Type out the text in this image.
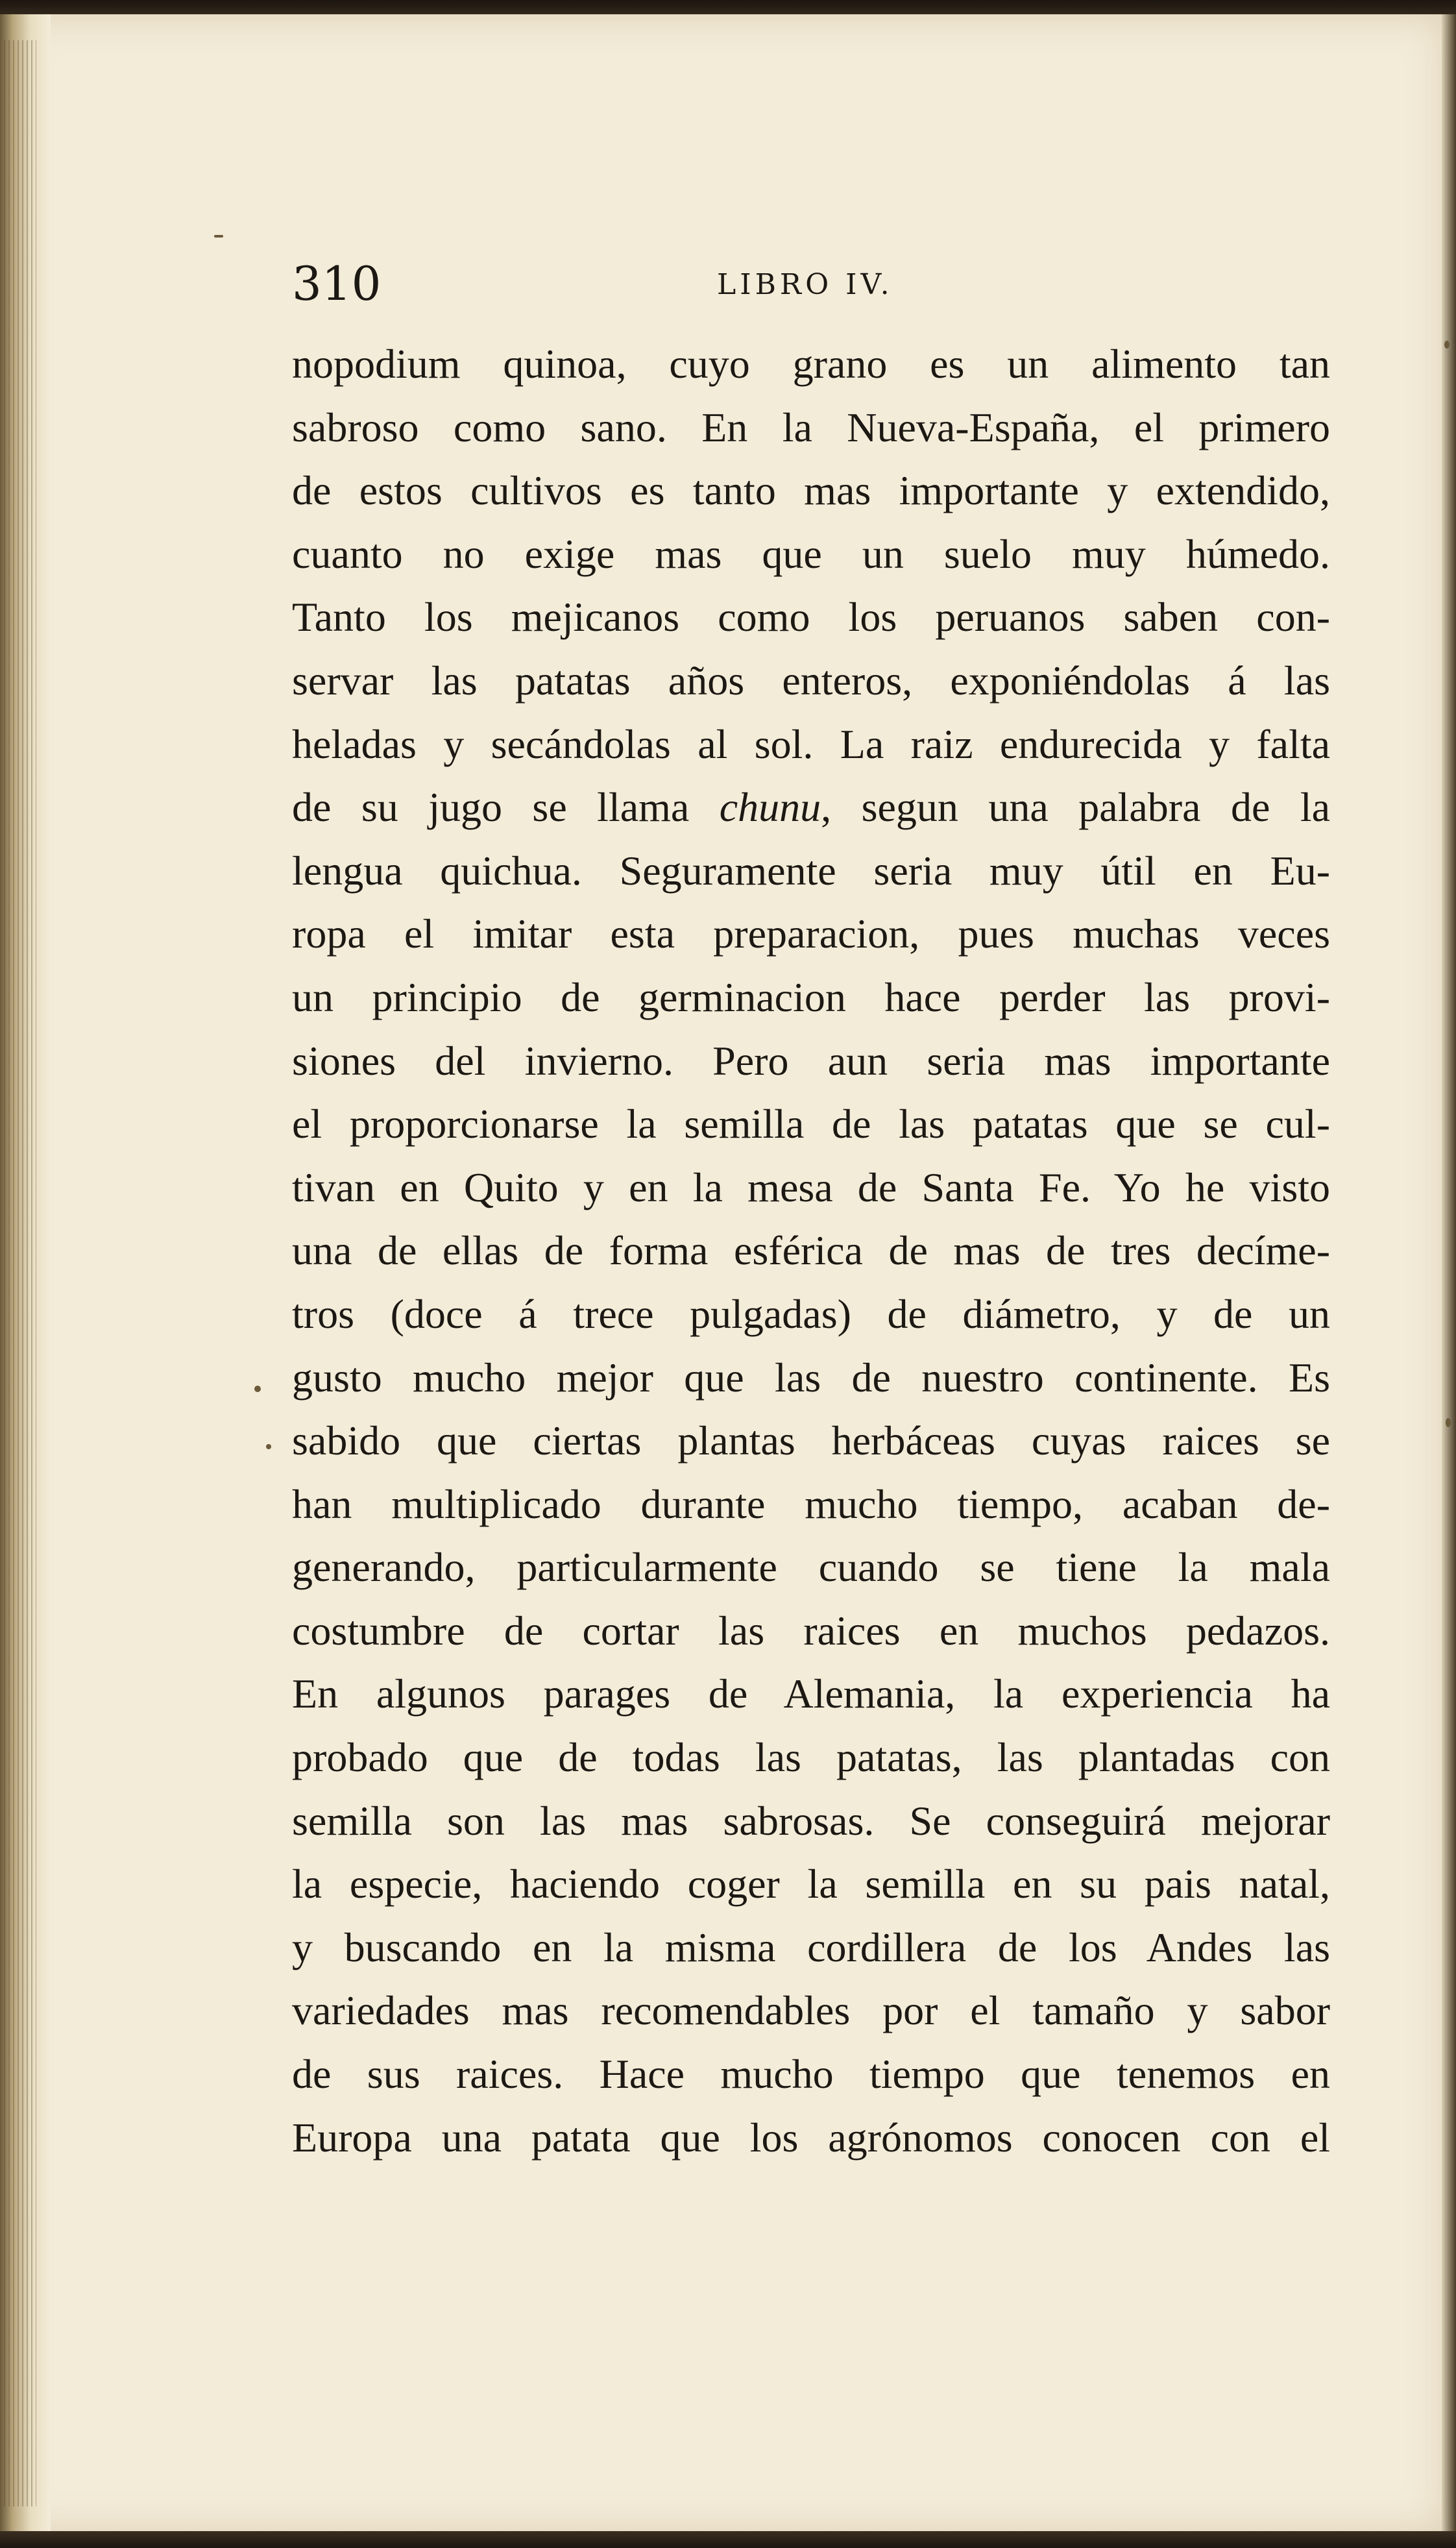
310	LIBRO IV.
nopodium quinoa, cuyo grano es un alimento tan
sabroso como sano. En la Nueva-España, el primero
de estos cultivos es tanto mas importante y extendido,
cuanto no exige mas que un suelo muy húmedo.
Tanto los mejicanos como los peruanos saben con-
servar las patatas años enteros, exponiéndolas á las
heladas y secándolas al sol. La raiz endurecida y falta
de su jugo se llama chunu, segun una palabra de la
lengua quichua. Seguramente seria muy útil en Eu-
ropa el imitar esta preparacion, pues muchas veces
un principio de germinacion hace perder las provi-
siones del invierno. Pero aun seria mas importante
el proporcionarse la semilla de las patatas que se cul-
tivan en Quito y en la mesa de Santa Fe. Yo he visto
una de ellas de forma esférica de mas de tres decíme-
tros (doce á trece pulgadas) de diámetro, y de un
gusto mucho mejor que las de nuestro continente. Es
sabido que ciertas plantas herbáceas cuyas raices se
han multiplicado durante mucho tiempo, acaban de-
generando, particularmente cuando se tiene la mala
costumbre de cortar las raices en muchos pedazos.
En algunos parages de Alemania, la experiencia ha
probado que de todas las patatas, las plantadas con
semilla son las mas sabrosas. Se conseguirá mejorar
la especie, haciendo coger la semilla en su pais natal,
y buscando en la misma cordillera de los Andes las
variedades mas recomendables por el tamaño y sabor
de sus raices. Hace mucho tiempo que tenemos en
Europa una patata que los agrónomos conocen con el
